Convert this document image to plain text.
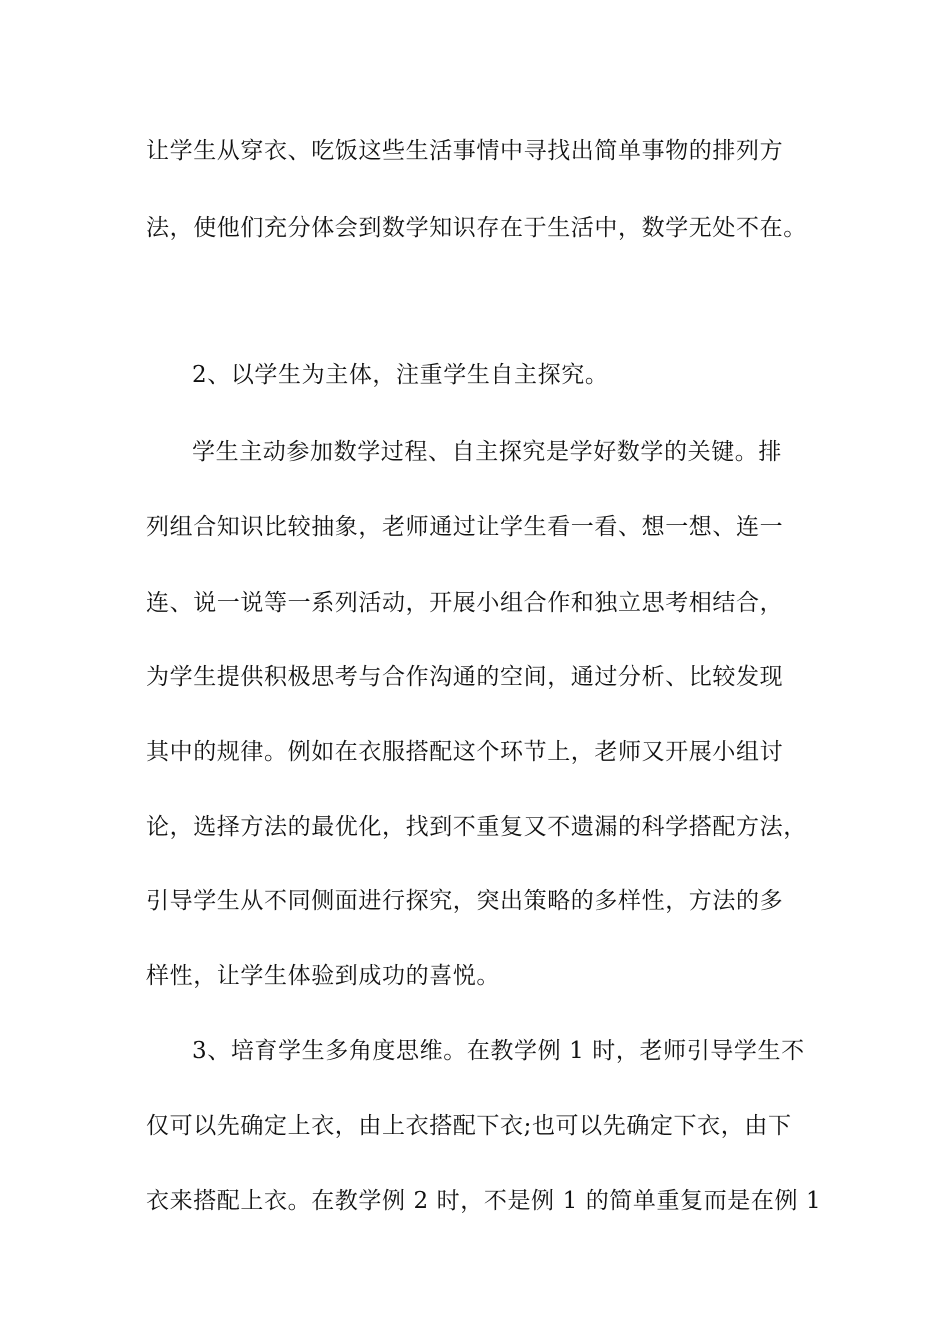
让学生从穿衣、吃饭这些生活事情中寻找出简单事物的排列方
法，使他们充分体会到数学知识存在于生活中，数学无处不在。
2、以学生为主体，注重学生自主探究。
学生主动参加数学过程、自主探究是学好数学的关键。排
列组合知识比较抽象，老师通过让学生看一看、想一想、连一
连、说一说等一系列活动，开展小组合作和独立思考相结合，
为学生提供积极思考与合作沟通的空间，通过分析、比较发现
其中的规律。例如在衣服搭配这个环节上，老师又开展小组讨
论，选择方法的最优化，找到不重复又不遗漏的科学搭配方法，
引导学生从不同侧面进行探究，突出策略的多样性，方法的多
样性，让学生体验到成功的喜悦。
3、培育学生多角度思维。在教学例 1 时，老师引导学生不
仅可以先确定上衣，由上衣搭配下衣;也可以先确定下衣，由下
衣来搭配上衣。在教学例 2 时，不是例 1 的简单重复而是在例 1
